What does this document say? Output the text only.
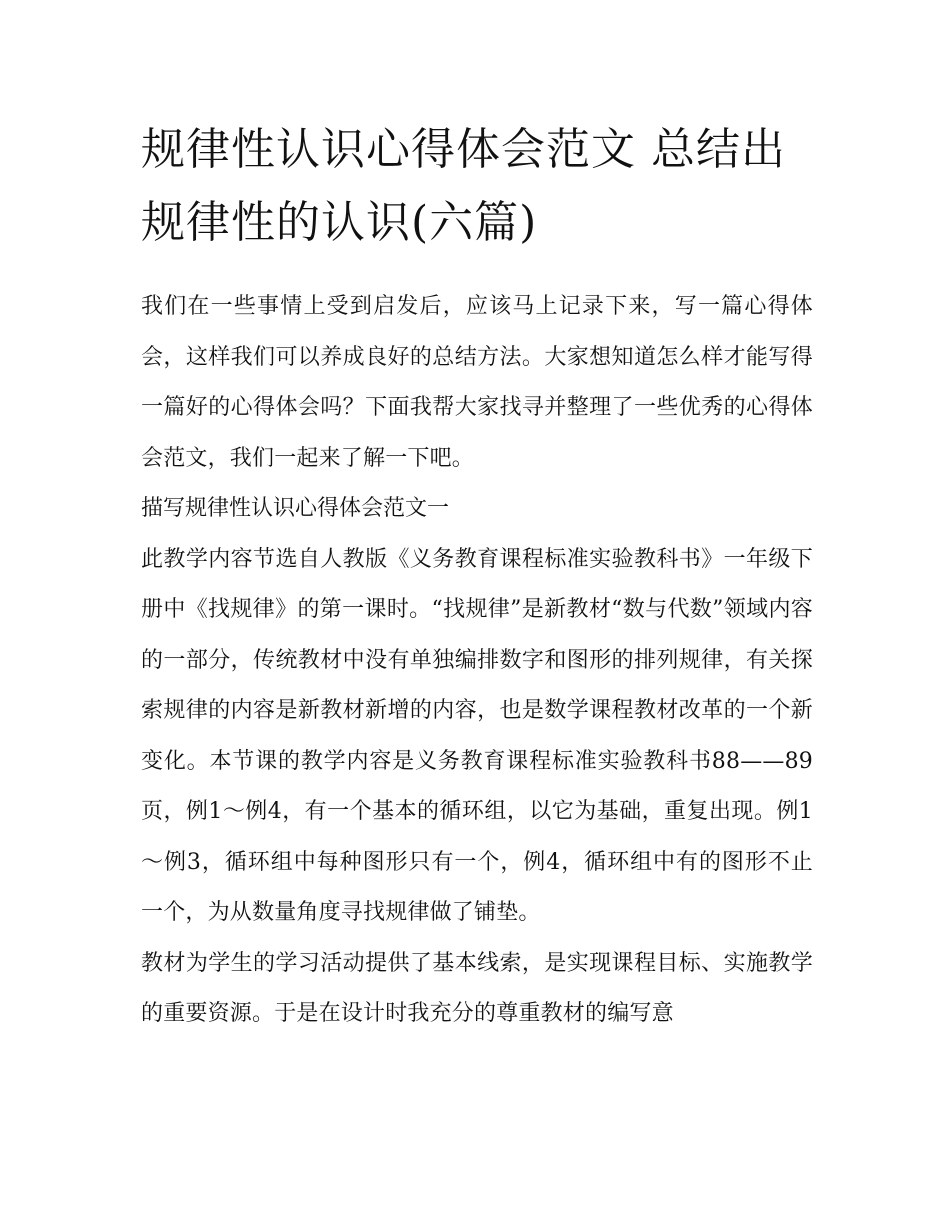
规律性认识心得体会范文 总结出规律性的认识(六篇)

我们在一些事情上受到启发后，应该马上记录下来，写一篇心得体会，这样我们可以养成良好的总结方法。大家想知道怎么样才能写得一篇好的心得体会吗？下面我帮大家找寻并整理了一些优秀的心得体会范文，我们一起来了解一下吧。

描写规律性认识心得体会范文一

此教学内容节选自人教版《义务教育课程标准实验教科书》一年级下册中《找规律》的第一课时。“找规律”是新教材“数与代数”领域内容的一部分，传统教材中没有单独编排数字和图形的排列规律，有关探索规律的内容是新教材新增的内容，也是数学课程教材改革的一个新变化。本节课的教学内容是义务教育课程标准实验教科书88——89页，例1～例4，有一个基本的循环组，以它为基础，重复出现。例1～例3，循环组中每种图形只有一个，例4，循环组中有的图形不止一个，为从数量角度寻找规律做了铺垫。

教材为学生的学习活动提供了基本线索，是实现课程目标、实施教学的重要资源。于是在设计时我充分的尊重教材的编写意
